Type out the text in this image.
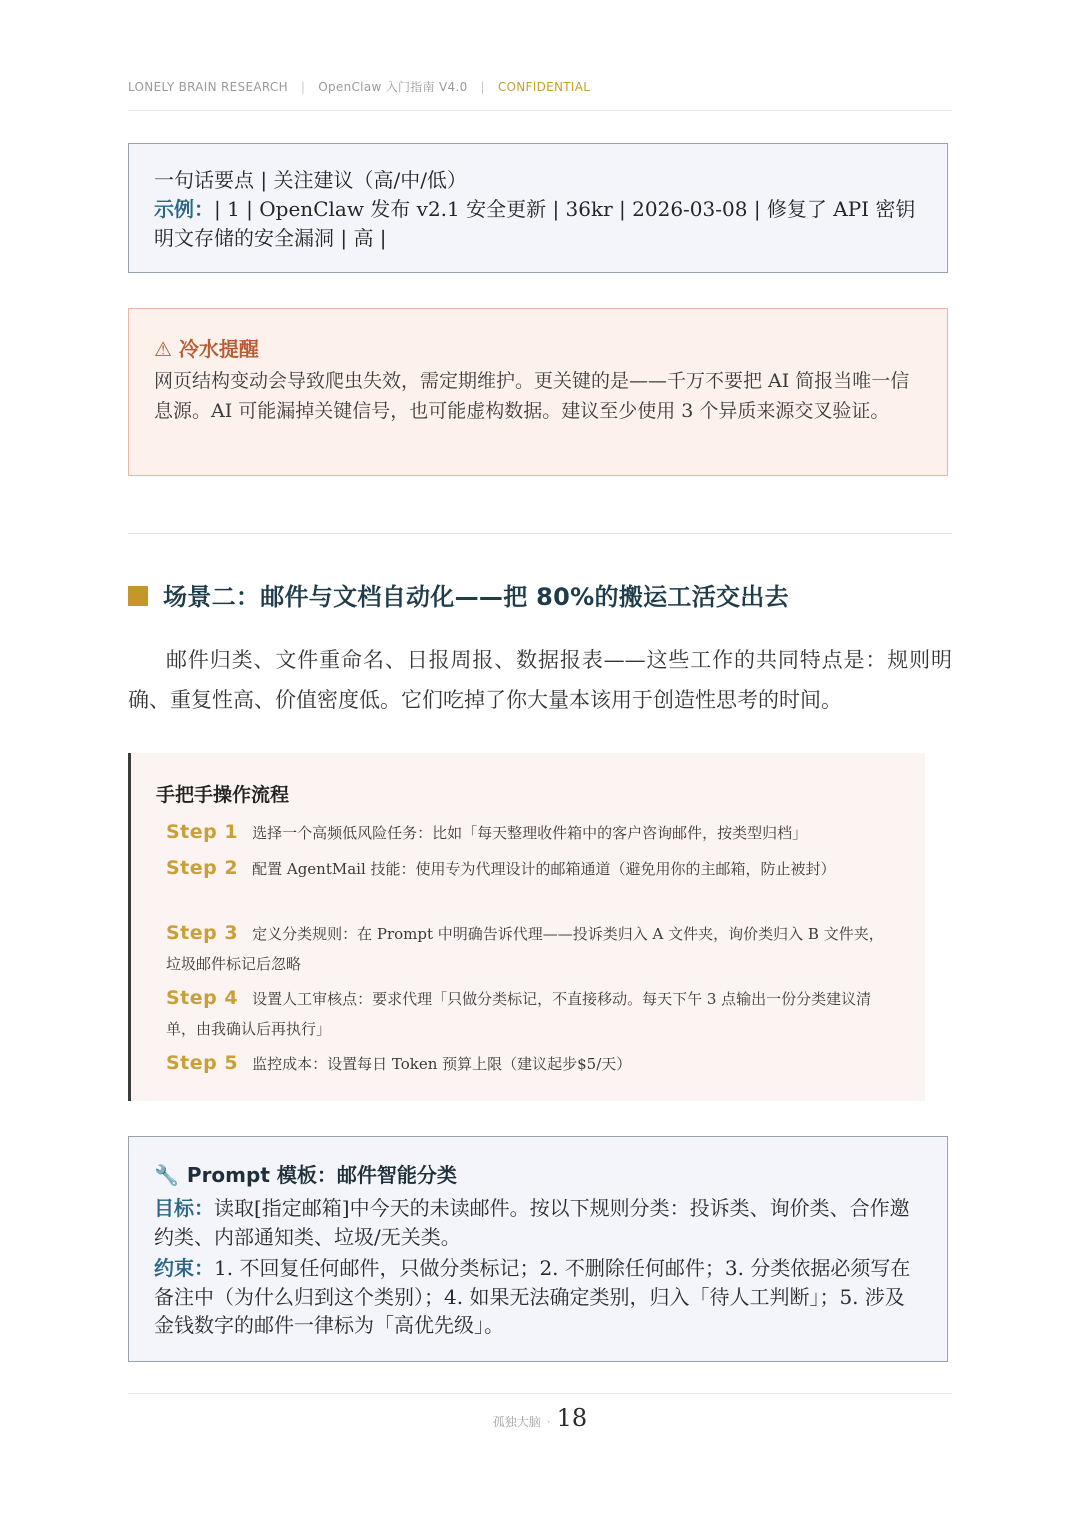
LONELY BRAIN RESEARCH | OpenClaw 入门指南 V4.0 | CONFIDENTIAL
一句话要点 | 关注建议（高/中/低）
示例：| 1 | OpenClaw 发布 v2.1 安全更新 | 36kr | 2026-03-08 | 修复了 API 密钥明文存储的安全漏洞 | 高 |
⚠ 冷水提醒
网页结构变动会导致爬虫失效，需定期维护。更关键的是——千万不要把 AI 简报当唯一信息源。AI 可能漏掉关键信号，也可能虚构数据。建议至少使用 3 个异质来源交叉验证。
场景二：邮件与文档自动化——把 80%的搬运工活交出去
邮件归类、文件重命名、日报周报、数据报表——这些工作的共同特点是：规则明确、重复性高、价值密度低。它们吃掉了你大量本该用于创造性思考的时间。
手把手操作流程
Step 1 选择一个高频低风险任务：比如「每天整理收件箱中的客户咨询邮件，按类型归档」
Step 2 配置 AgentMail 技能：使用专为代理设计的邮箱通道（避免用你的主邮箱，防止被封）
Step 3 定义分类规则：在 Prompt 中明确告诉代理——投诉类归入 A 文件夹，询价类归入 B 文件夹，垃圾邮件标记后忽略
Step 4 设置人工审核点：要求代理「只做分类标记，不直接移动。每天下午 3 点输出一份分类建议清单，由我确认后再执行」
Step 5 监控成本：设置每日 Token 预算上限（建议起步$5/天）
🔧 Prompt 模板：邮件智能分类
目标：读取[指定邮箱]中今天的未读邮件。按以下规则分类：投诉类、询价类、合作邀约类、内部通知类、垃圾/无关类。
约束：1. 不回复任何邮件，只做分类标记；2. 不删除任何邮件；3. 分类依据必须写在备注中（为什么归到这个类别）；4. 如果无法确定类别，归入「待人工判断」；5. 涉及金钱数字的邮件一律标为「高优先级」。
孤独大脑 · 18
